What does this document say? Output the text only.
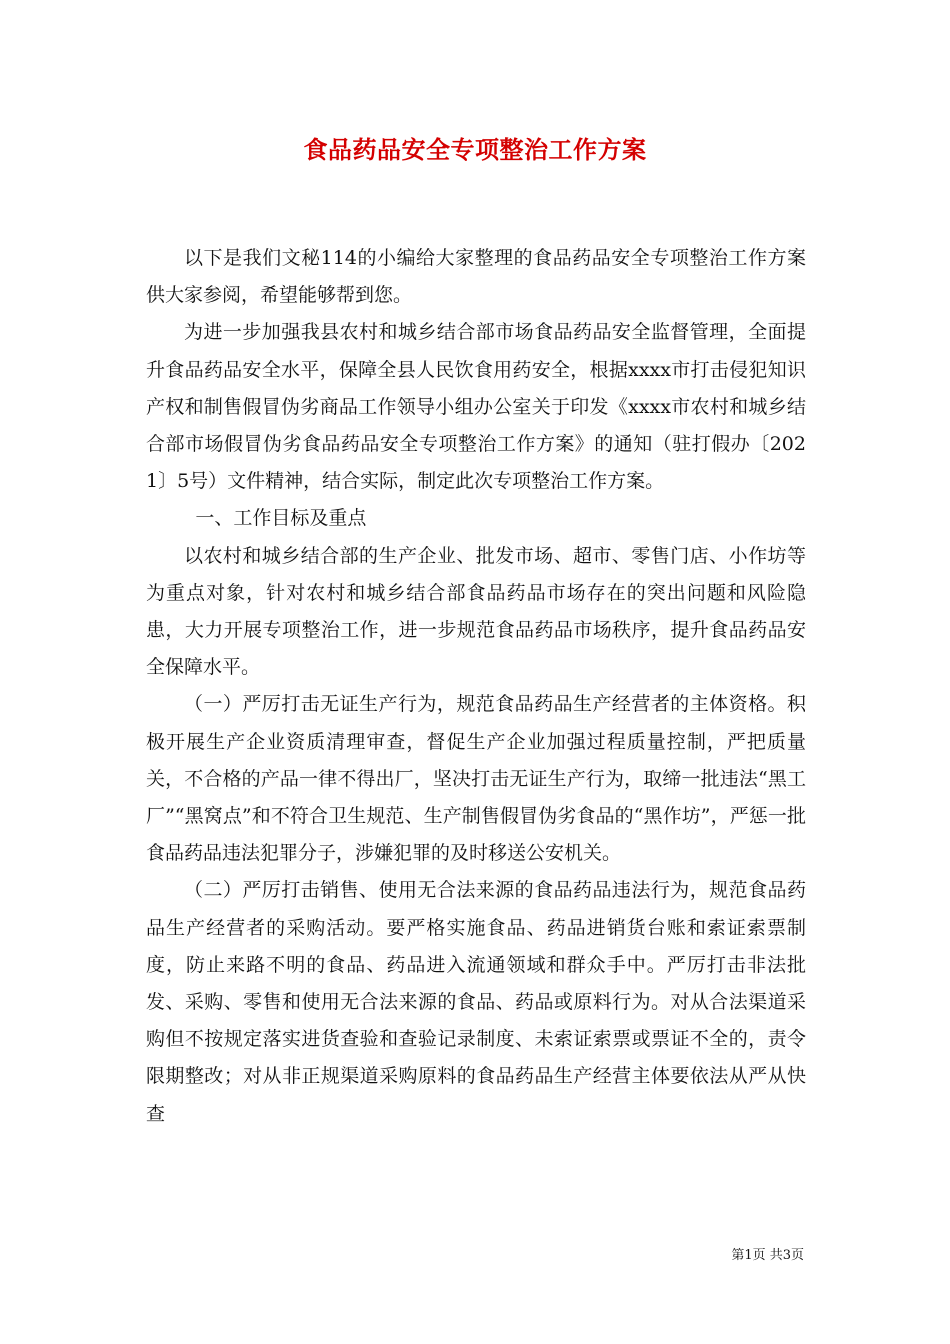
食品药品安全专项整治工作方案

以下是我们文秘114的小编给大家整理的食品药品安全专项整治工作方案供大家参阅，希望能够帮到您。

为进一步加强我县农村和城乡结合部市场食品药品安全监督管理，全面提升食品药品安全水平，保障全县人民饮食用药安全，根据xxxx市打击侵犯知识产权和制售假冒伪劣商品工作领导小组办公室关于印发《xxxx市农村和城乡结合部市场假冒伪劣食品药品安全专项整治工作方案》的通知（驻打假办〔2021〕5号）文件精神，结合实际，制定此次专项整治工作方案。

一、工作目标及重点

以农村和城乡结合部的生产企业、批发市场、超市、零售门店、小作坊等为重点对象，针对农村和城乡结合部食品药品市场存在的突出问题和风险隐患，大力开展专项整治工作，进一步规范食品药品市场秩序，提升食品药品安全保障水平。

（一）严厉打击无证生产行为，规范食品药品生产经营者的主体资格。积极开展生产企业资质清理审查，督促生产企业加强过程质量控制，严把质量关，不合格的产品一律不得出厂，坚决打击无证生产行为，取缔一批违法“黑工厂”“黑窝点”和不符合卫生规范、生产制售假冒伪劣食品的“黑作坊”，严惩一批食品药品违法犯罪分子，涉嫌犯罪的及时移送公安机关。

（二）严厉打击销售、使用无合法来源的食品药品违法行为，规范食品药品生产经营者的采购活动。要严格实施食品、药品进销货台账和索证索票制度，防止来路不明的食品、药品进入流通领域和群众手中。严厉打击非法批发、采购、零售和使用无合法来源的食品、药品或原料行为。对从合法渠道采购但不按规定落实进货查验和查验记录制度、未索证索票或票证不全的，责令限期整改；对从非正规渠道采购原料的食品药品生产经营主体要依法从严从快查

第1页 共3页
